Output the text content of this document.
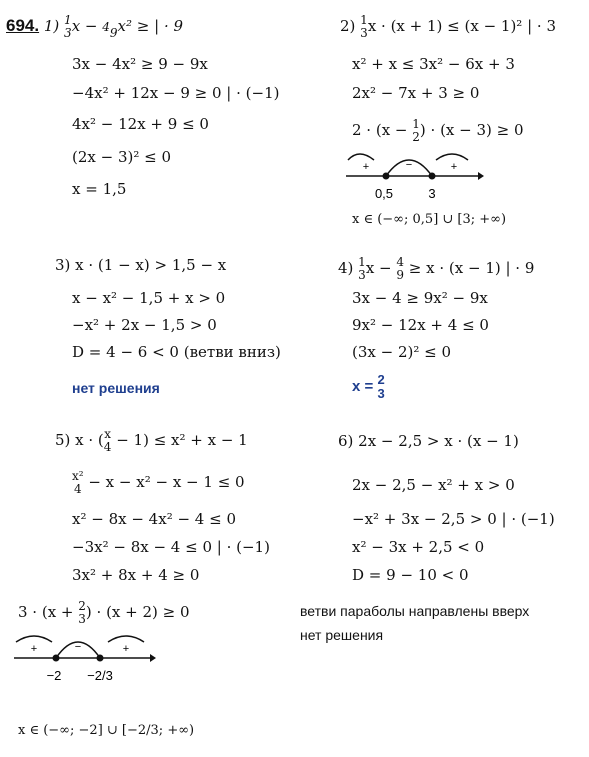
694. 1) 1
3x − 4
9x² ≥ | · 9
3x − 4x² ≥ 9 − 9x
−4x² + 12x − 9 ≥ 0 | · (−1)
4x² − 12x + 9 ≤ 0
(2x − 3)² ≤ 0
x = 1,5
2) 1
3x · (x + 1) ≤ (x − 1)² | · 3
x² + x ≤ 3x² − 6x + 3
2x² − 7x + 3 ≥ 0
2 · (x − 1
2) · (x − 3) ≥ 0
+	−	+
0,5	3
x ∈ (−∞; 0,5] ∪ [3; +∞)
3) x · (1 − x) > 1,5 − x
x − x² − 1,5 + x > 0
−x² + 2x − 1,5 > 0
D = 4 − 6 < 0 (ветви вниз)
нет решения
4) 1
3x − 4
9 ≥ x · (x − 1) | · 9
3x − 4 ≥ 9x² − 9x
9x² − 12x + 4 ≤ 0
(3x − 2)² ≤ 0
x = 2
3
5) x · (x
4 − 1) ≤ x² + x − 1
x²
4 − x − x² − x − 1 ≤ 0
x² − 8x − 4x² − 4 ≤ 0
−3x² − 8x − 4 ≤ 0 | · (−1)
3x² + 8x + 4 ≥ 0
3 · (x + 2
3) · (x + 2) ≥ 0
+	−	+
−2 −2/3
x ∈ (−∞; −2] ∪ [−2/3; +∞)
6) 2x − 2,5 > x · (x − 1)
2x − 2,5 − x² + x > 0
−x² + 3x − 2,5 > 0 | · (−1)
x² − 3x + 2,5 < 0
D = 9 − 10 < 0
ветви параболы направлены вверх
нет решения
